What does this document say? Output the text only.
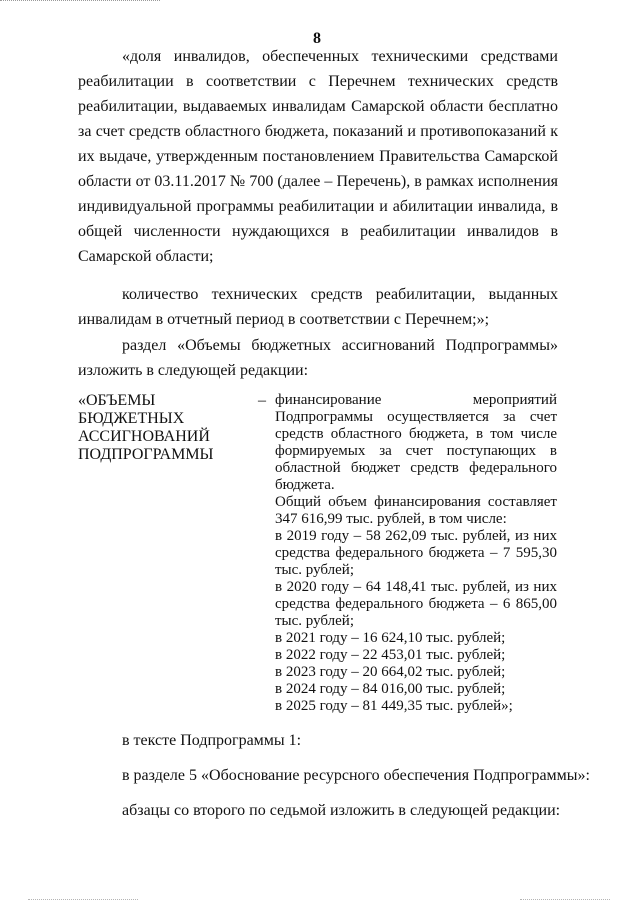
8

«доля инвалидов, обеспеченных техническими средствами реабилитации в соответствии с Перечнем технических средств реабилитации, выдаваемых инвалидам Самарской области бесплатно за счет средств областного бюджета, показаний и противопоказаний к их выдаче, утвержденным постановлением Правительства Самарской области от 03.11.2017 № 700 (далее – Перечень), в рамках исполнения индивидуальной программы реабилитации и абилитации инвалида, в общей численности нуждающихся в реабилитации инвалидов в Самарской области;

количество технических средств реабилитации, выданных инвалидам в отчетный период в соответствии с Перечнем;»;

раздел «Объемы бюджетных ассигнований Подпрограммы» изложить в следующей редакции:

«ОБЪЕМЫ
БЮДЖЕТНЫХ
АССИГНОВАНИЙ
ПОДПРОГРАММЫ
– финансирование мероприятий Подпрограммы осуществляется за счет средств областного бюджета, в том числе формируемых за счет поступающих в областной бюджет средств федерального бюджета.

Общий объем финансирования составляет 347 616,99 тыс. рублей, в том числе:

в 2019 году – 58 262,09 тыс. рублей, из них средства федерального бюджета – 7 595,30 тыс. рублей;

в 2020 году – 64 148,41 тыс. рублей, из них средства федерального бюджета – 6 865,00 тыс. рублей;

в 2021 году – 16 624,10 тыс. рублей;

в 2022 году – 22 453,01 тыс. рублей;

в 2023 году – 20 664,02 тыс. рублей;

в 2024 году – 84 016,00 тыс. рублей;

в 2025 году – 81 449,35 тыс. рублей»;

в тексте Подпрограммы 1:
в разделе 5 «Обоснование ресурсного обеспечения Подпрограммы»:
абзацы со второго по седьмой изложить в следующей редакции:
